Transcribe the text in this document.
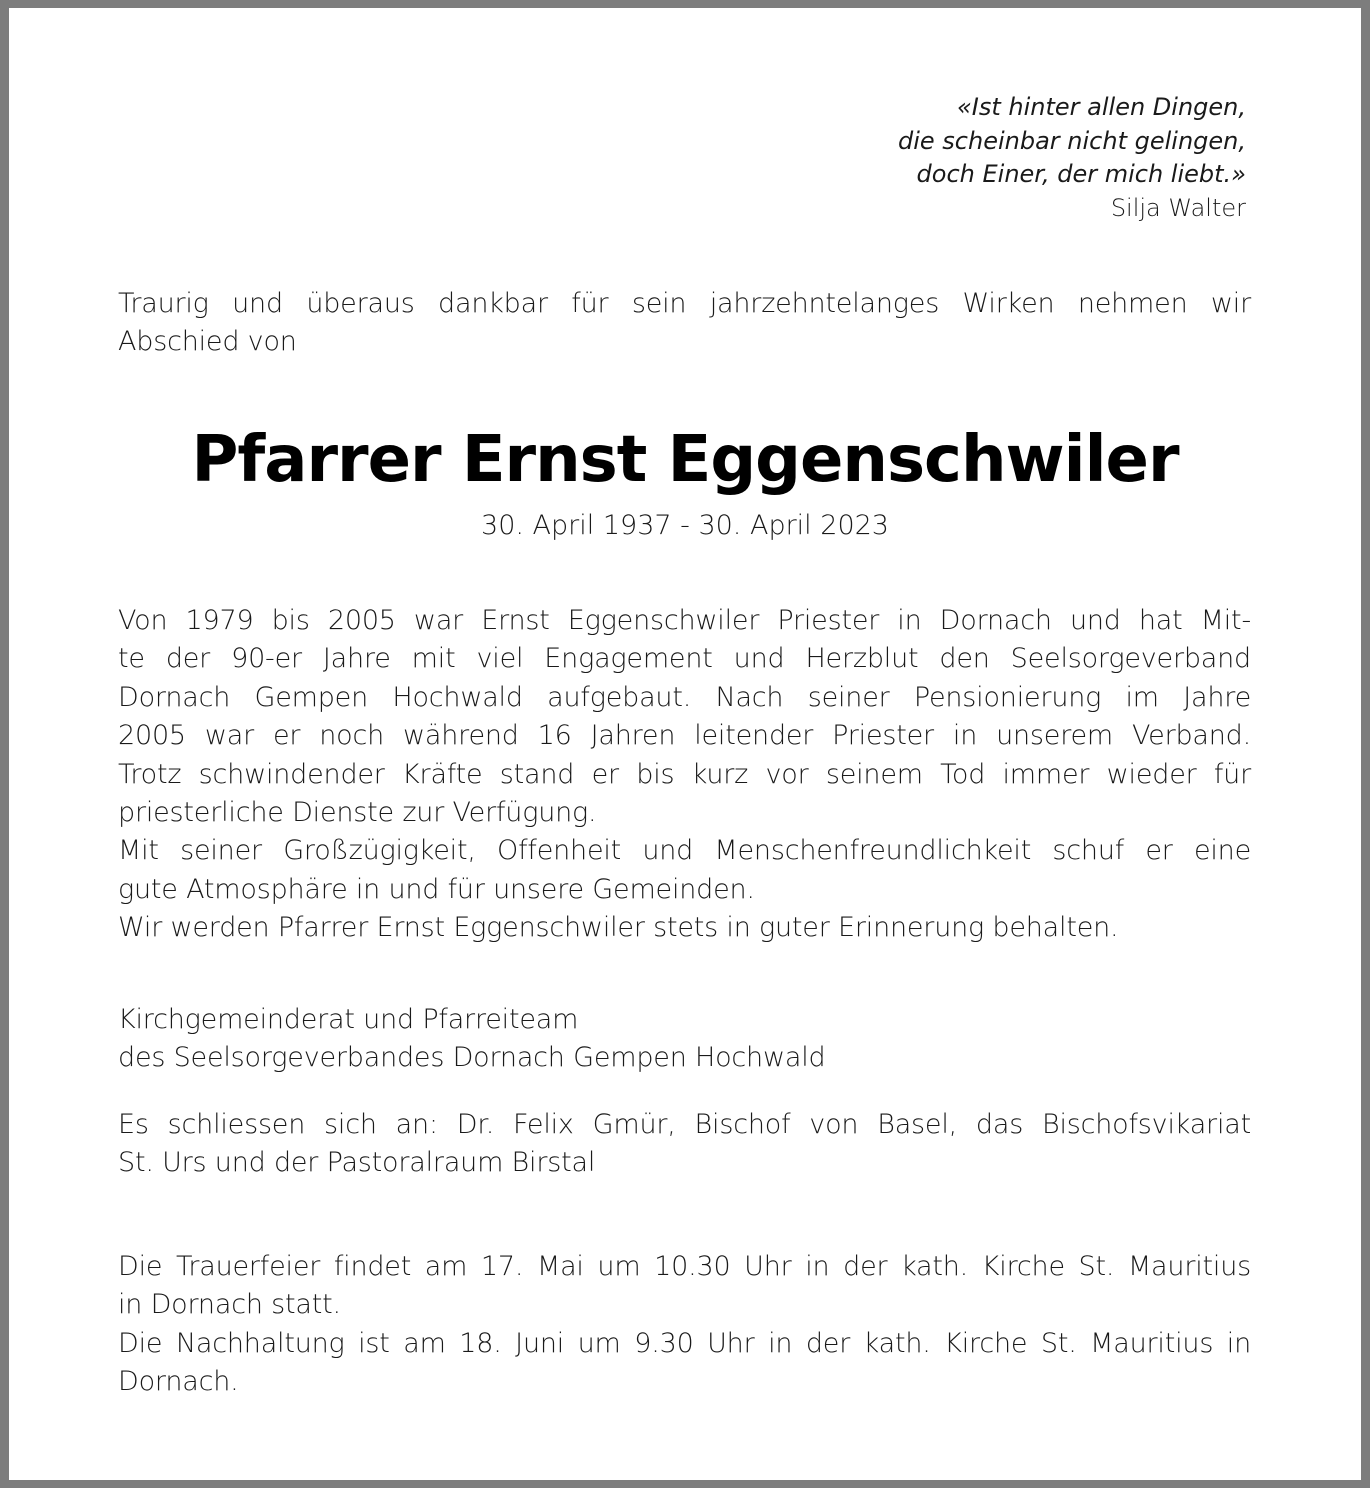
«Ist hinter allen Dingen,
die scheinbar nicht gelingen,
doch Einer, der mich liebt.»
Silja Walter
Traurig und überaus dankbar für sein jahrzehntelanges Wirken nehmen wir
Abschied von
Pfarrer Ernst Eggenschwiler
30. April 1937 - 30. April 2023
Von 1979 bis 2005 war Ernst Eggenschwiler Priester in Dornach und hat Mit-
te der 90-er Jahre mit viel Engagement und Herzblut den Seelsorgeverband
Dornach Gempen Hochwald aufgebaut. Nach seiner Pensionierung im Jahre
2005 war er noch während 16 Jahren leitender Priester in unserem Verband.
Trotz schwindender Kräfte stand er bis kurz vor seinem Tod immer wieder für
priesterliche Dienste zur Verfügung.
Mit seiner Großzügigkeit, Offenheit und Menschenfreundlichkeit schuf er eine
gute Atmosphäre in und für unsere Gemeinden.
Wir werden Pfarrer Ernst Eggenschwiler stets in guter Erinnerung behalten.
Kirchgemeinderat und Pfarreiteam
des Seelsorgeverbandes Dornach Gempen Hochwald
Es schliessen sich an: Dr. Felix Gmür, Bischof von Basel, das Bischofsvikariat
St. Urs und der Pastoralraum Birstal
Die Trauerfeier findet am 17. Mai um 10.30 Uhr in der kath. Kirche St. Mauritius
in Dornach statt.
Die Nachhaltung ist am 18. Juni um 9.30 Uhr in der kath. Kirche St. Mauritius in
Dornach.
